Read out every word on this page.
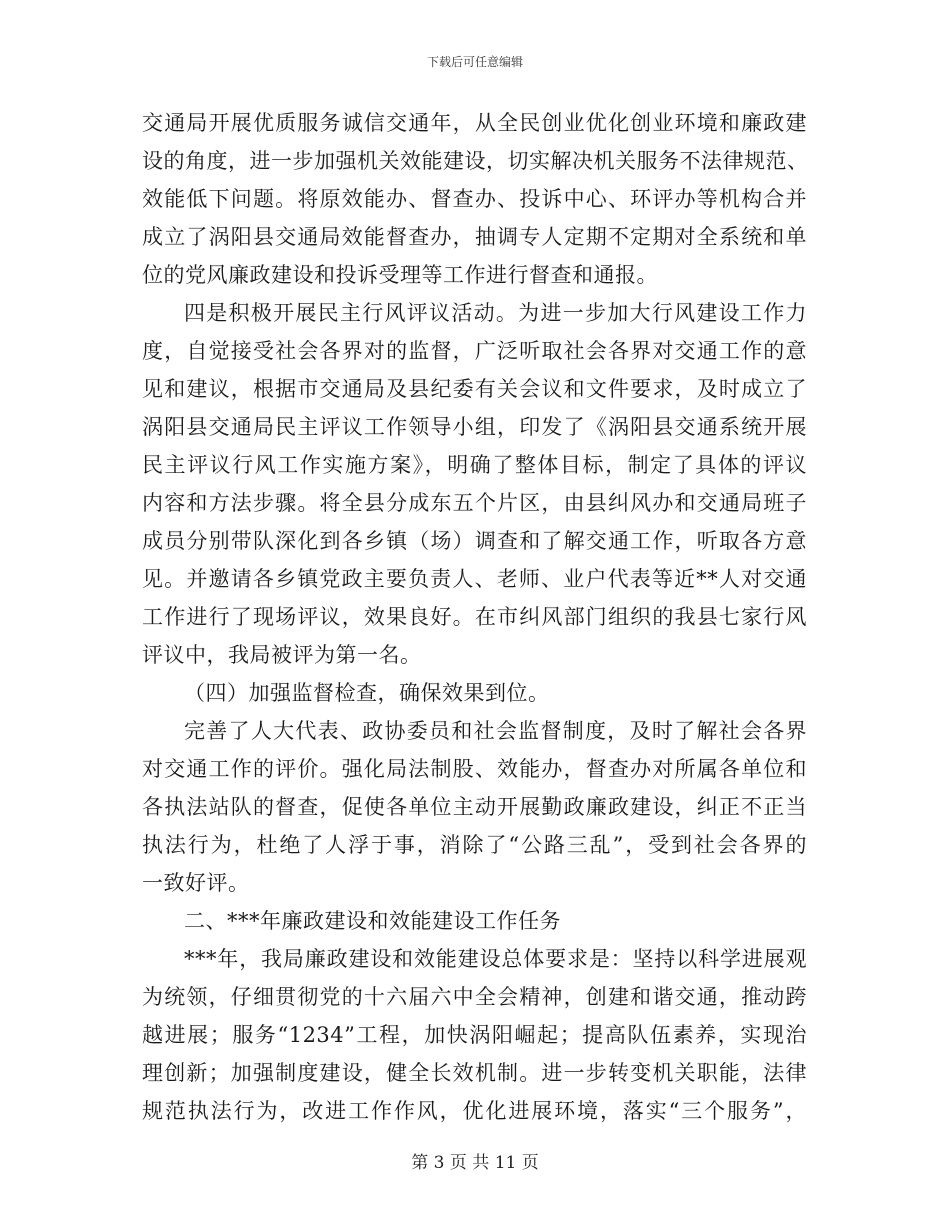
下载后可任意编辑
交通局开展优质服务诚信交通年，从全民创业优化创业环境和廉政建
设的角度，进一步加强机关效能建设，切实解决机关服务不法律规范、
效能低下问题。将原效能办、督查办、投诉中心、环评办等机构合并
成立了涡阳县交通局效能督查办，抽调专人定期不定期对全系统和单
位的党风廉政建设和投诉受理等工作进行督查和通报。
四是积极开展民主行风评议活动。为进一步加大行风建设工作力
度，自觉接受社会各界对的监督，广泛听取社会各界对交通工作的意
见和建议，根据市交通局及县纪委有关会议和文件要求，及时成立了
涡阳县交通局民主评议工作领导小组，印发了《涡阳县交通系统开展
民主评议行风工作实施方案》，明确了整体目标，制定了具体的评议
内容和方法步骤。将全县分成东五个片区，由县纠风办和交通局班子
成员分别带队深化到各乡镇（场）调查和了解交通工作，听取各方意
见。并邀请各乡镇党政主要负责人、老师、业户代表等近**人对交通
工作进行了现场评议，效果良好。在市纠风部门组织的我县七家行风
评议中，我局被评为第一名。
（四）加强监督检查，确保效果到位。
完善了人大代表、政协委员和社会监督制度，及时了解社会各界
对交通工作的评价。强化局法制股、效能办，督查办对所属各单位和
各执法站队的督查，促使各单位主动开展勤政廉政建设，纠正不正当
执法行为，杜绝了人浮于事，消除了“公路三乱”，受到社会各界的
一致好评。
二、***年廉政建设和效能建设工作任务
***年，我局廉政建设和效能建设总体要求是：坚持以科学进展观
为统领，仔细贯彻党的十六届六中全会精神，创建和谐交通，推动跨
越进展；服务“1234”工程，加快涡阳崛起；提高队伍素养，实现治
理创新；加强制度建设，健全长效机制。进一步转变机关职能，法律
规范执法行为，改进工作作风，优化进展环境，落实“三个服务”，
第 3 页 共 11 页
